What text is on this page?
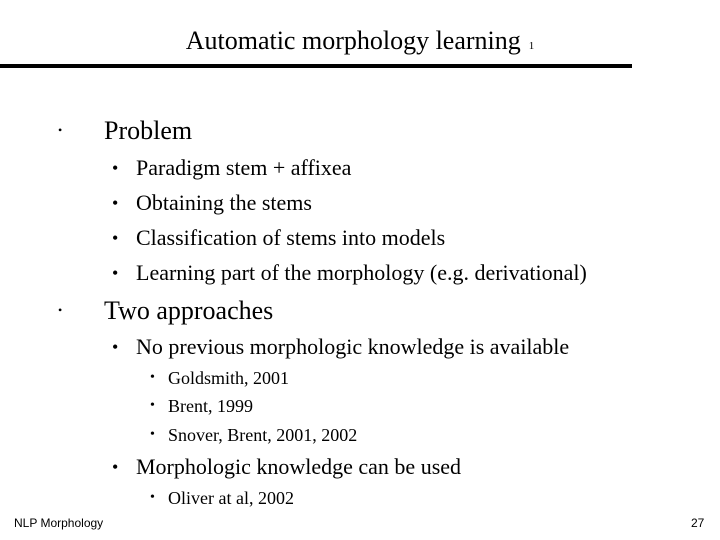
Automatic morphology learning 1
• Problem
• Paradigm stem + affixea
• Obtaining the stems
• Classification of stems into models
• Learning part of the morphology (e.g. derivational)
• Two approaches
• No previous morphologic knowledge is available
• Goldsmith, 2001
• Brent, 1999
• Snover, Brent, 2001, 2002
• Morphologic knowledge can be used
• Oliver at al, 2002
NLP Morphology	27
